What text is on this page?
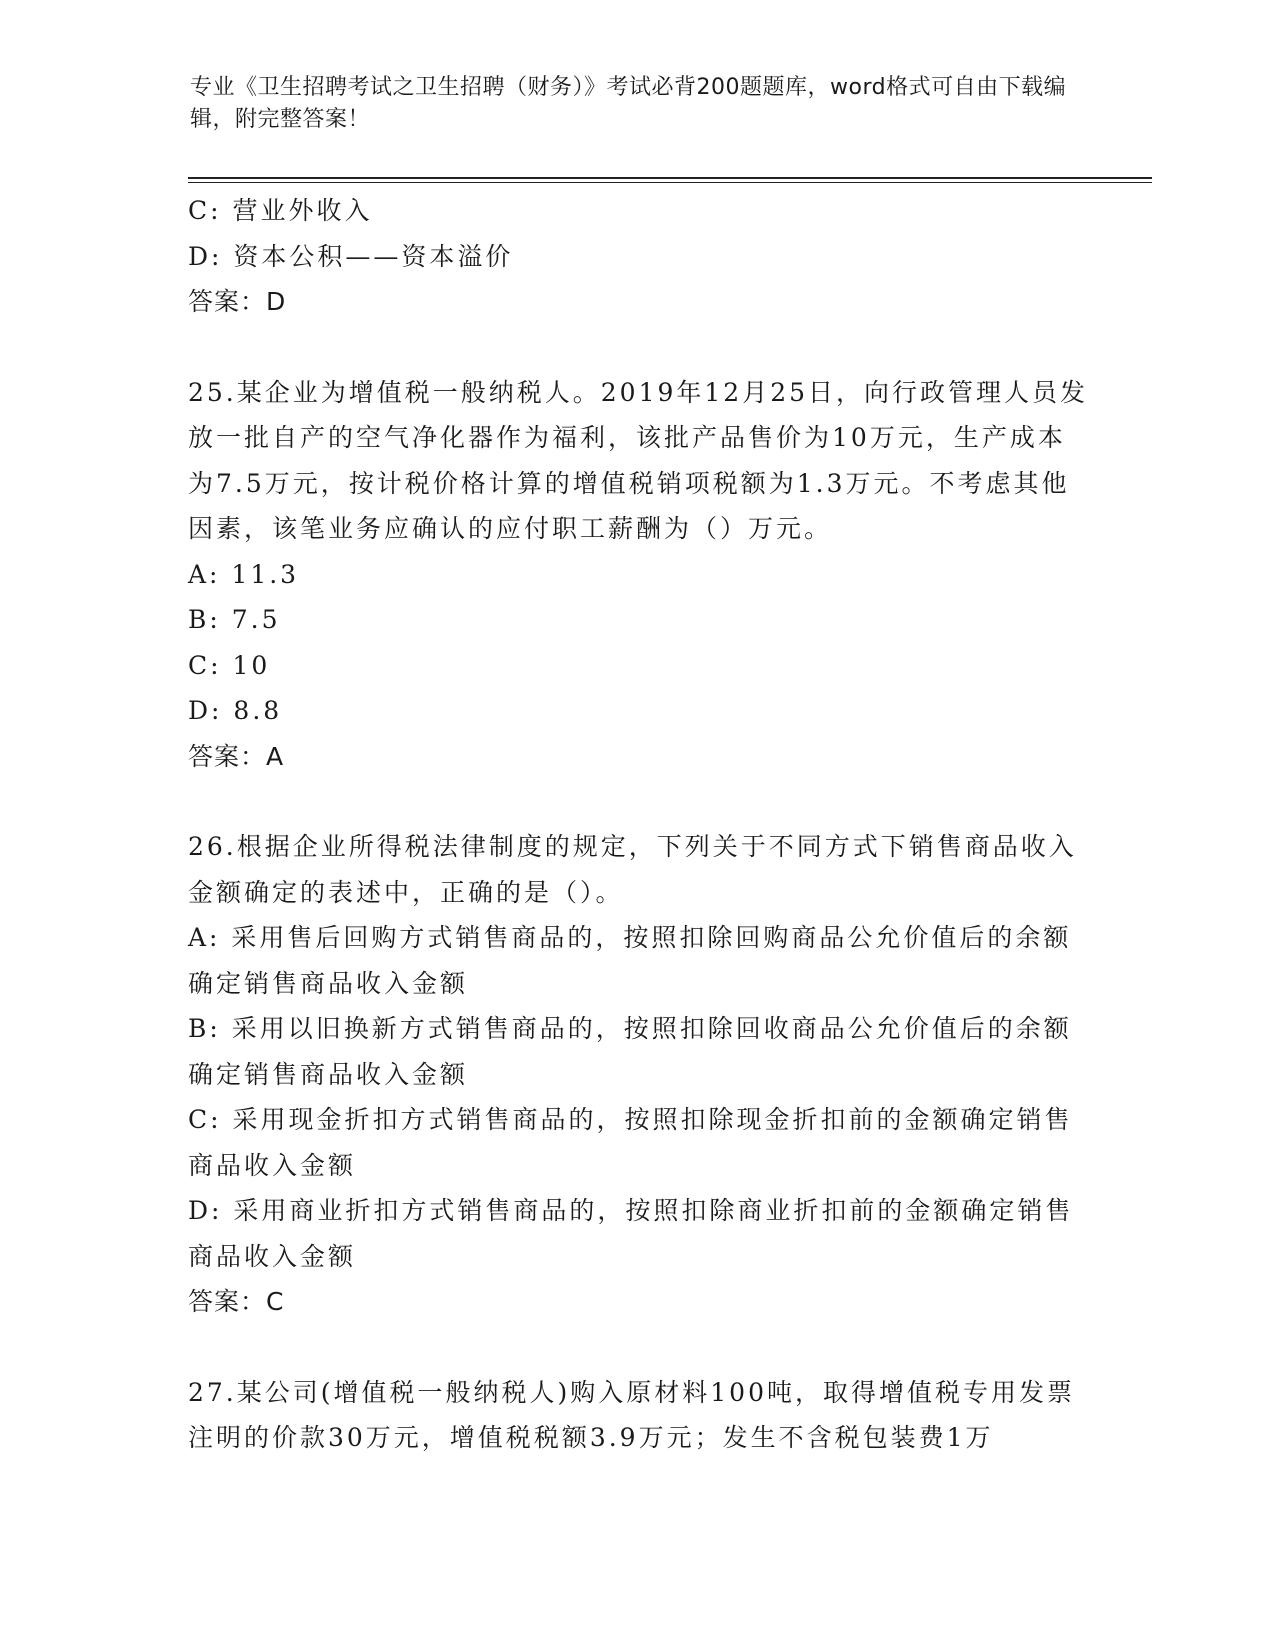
专业《卫生招聘考试之卫生招聘（财务）》考试必背200题题库，word格式可自由下载编辑，附完整答案！

C: 营业外收入

D: 资本公积——资本溢价

答案：D

25.某企业为增值税一般纳税人。2019年12月25日，向行政管理人员发放一批自产的空气净化器作为福利，该批产品售价为10万元，生产成本为7.5万元，按计税价格计算的增值税销项税额为1.3万元。不考虑其他因素，该笔业务应确认的应付职工薪酬为（）万元。

A: 11.3

B: 7.5

C: 10

D: 8.8

答案：A

26.根据企业所得税法律制度的规定，下列关于不同方式下销售商品收入金额确定的表述中，正确的是（）。

A: 采用售后回购方式销售商品的，按照扣除回购商品公允价值后的余额确定销售商品收入金额

B: 采用以旧换新方式销售商品的，按照扣除回收商品公允价值后的余额确定销售商品收入金额

C: 采用现金折扣方式销售商品的，按照扣除现金折扣前的金额确定销售商品收入金额

D: 采用商业折扣方式销售商品的，按照扣除商业折扣前的金额确定销售商品收入金额

答案：C

27.某公司(增值税一般纳税人)购入原材料100吨，取得增值税专用发票注明的价款30万元，增值税税额3.9万元；发生不含税包装费1万
